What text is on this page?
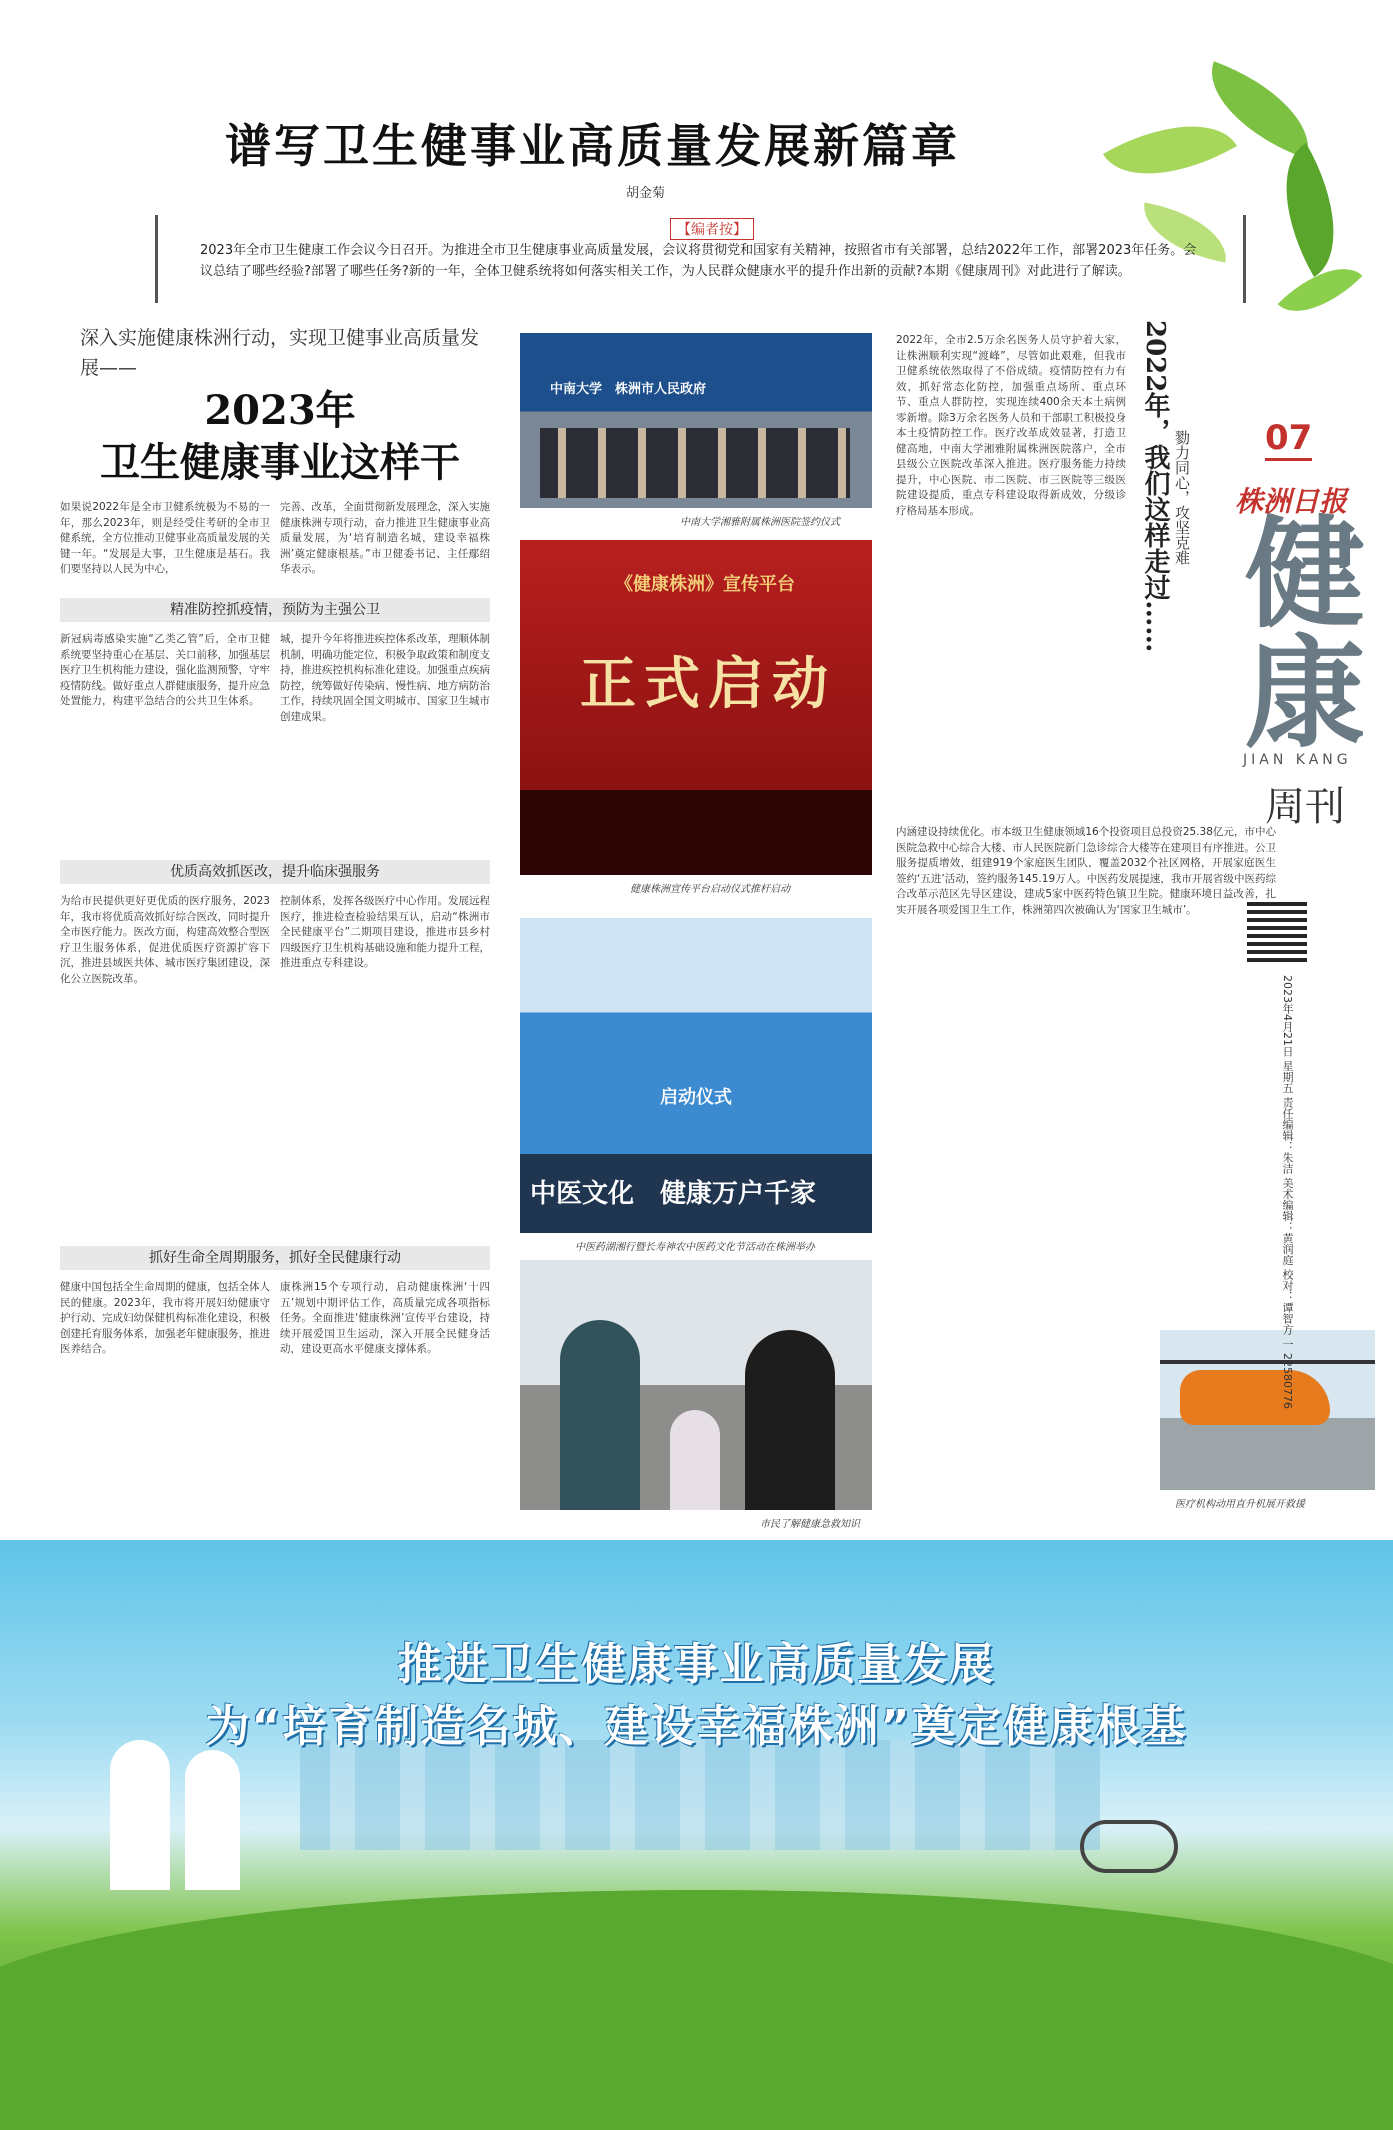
谱写卫生健事业高质量发展新篇章
胡金菊
【编者按】
2023年全市卫生健康工作会议今日召开。为推进全市卫生健康事业高质量发展，会议将贯彻党和国家有关精神，按照省市有关部署，总结2022年工作，部署2023年任务。会议总结了哪些经验?部署了哪些任务?新的一年，全体卫健系统将如何落实相关工作，为人民群众健康水平的提升作出新的贡献?本期《健康周刊》对此进行了解读。
深入实施健康株洲行动，实现卫健事业高质量发展——
2023年
卫生健康事业这样干
如果说2022年是全市卫健系统极为不易的一年，那么2023年，则是经受住考研的全市卫健系统，全方位推动卫健事业高质量发展的关键一年。“发展是大事，卫生健康是基石。我们要坚持以人民为中心，
完善、改革，全面贯彻新发展理念，深入实施健康株洲专项行动，奋力推进卫生健康事业高质量发展，为‘培育制造名城，建设幸福株洲’奠定健康根基。”市卫健委书记、主任鄢绍华表示。
精准防控抓疫情，预防为主强公卫
新冠病毒感染实施“乙类乙管”后，全市卫健系统要坚持重心在基层、关口前移，加强基层医疗卫生机构能力建设，强化监测预警，守牢疫情防线。做好重点人群健康服务，提升应急处置能力，构建平急结合的公共卫生体系。
城，提升今年将推进疾控体系改革，理顺体制机制，明确功能定位，积极争取政策和制度支持，推进疾控机构标准化建设。加强重点疾病防控，统筹做好传染病、慢性病、地方病防治工作，持续巩固全国文明城市、国家卫生城市创建成果。
优质高效抓医改，提升临床强服务
为给市民提供更好更优质的医疗服务，2023年，我市将优质高效抓好综合医改，同时提升全市医疗能力。医改方面，构建高效整合型医疗卫生服务体系，促进优质医疗资源扩容下沉，推进县域医共体、城市医疗集团建设，深化公立医院改革。
控制体系，发挥各级医疗中心作用。发展远程医疗，推进检查检验结果互认，启动“株洲市全民健康平台”二期项目建设，推进市县乡村四级医疗卫生机构基础设施和能力提升工程，推进重点专科建设。
抓好生命全周期服务，抓好全民健康行动
健康中国包括全生命周期的健康，包括全体人民的健康。2023年，我市将开展妇幼健康守护行动、完成妇幼保健机构标准化建设，积极创建托育服务体系，加强老年健康服务，推进医养结合。
康株洲15个专项行动，启动健康株洲‘十四五’规划中期评估工作，高质量完成各项指标任务。全面推进‘健康株洲’宣传平台建设，持续开展爱国卫生运动，深入开展全民健身活动，建设更高水平健康支撑体系。
中南大学　株洲市人民政府
中南大学湘雅附属株洲医院签约仪式
《健康株洲》宣传平台
正式启动
健康株洲宣传平台启动仪式推杆启动
启动仪式
中医文化　健康万户千家
中医药湖湘行暨长寿神农中医药文化节活动在株洲举办
市民了解健康急救知识
2022年，全市2.5万余名医务人员守护着大家，让株洲顺利实现“渡峰”，尽管如此艰难，但我市卫健系统依然取得了不俗成绩。疫情防控有力有效，抓好常态化防控，加强重点场所、重点环节、重点人群防控，实现连续400余天本土病例零新增。除3万余名医务人员和干部职工积极投身本土疫情防控工作。医疗改革成效显著，打造卫健高地，中南大学湘雅附属株洲医院落户，全市县级公立医院改革深入推进。医疗服务能力持续提升，中心医院、市二医院、市三医院等三级医院建设提质，重点专科建设取得新成效，分级诊疗格局基本形成。	2022年，我们这样走过…… 勠力同心，攻坚克难
内涵建设持续优化。市本级卫生健康领域16个投资项目总投资25.38亿元，市中心医院急救中心综合大楼、市人民医院新门急诊综合大楼等在建项目有序推进。公卫服务提质增效，组建919个家庭医生团队，覆盖2032个社区网格，开展家庭医生签约‘五进’活动，签约服务145.19万人。中医药发展提速，我市开展省级中医药综合改革示范区先导区建设，建成5家中医药特色镇卫生院。健康环境日益改善，扎实开展各项爱国卫生工作，株洲第四次被确认为‘国家卫生城市’。
医疗机构动用直升机展开救援
07
株洲日报
健康
JIAN KANG
周刊
2023年4月21日 星期五 责任编辑：朱洁 美术编辑：黄润庭 校对：谭智方 一 22580776
推进卫生健康事业高质量发展
为“培育制造名城、建设幸福株洲”奠定健康根基
